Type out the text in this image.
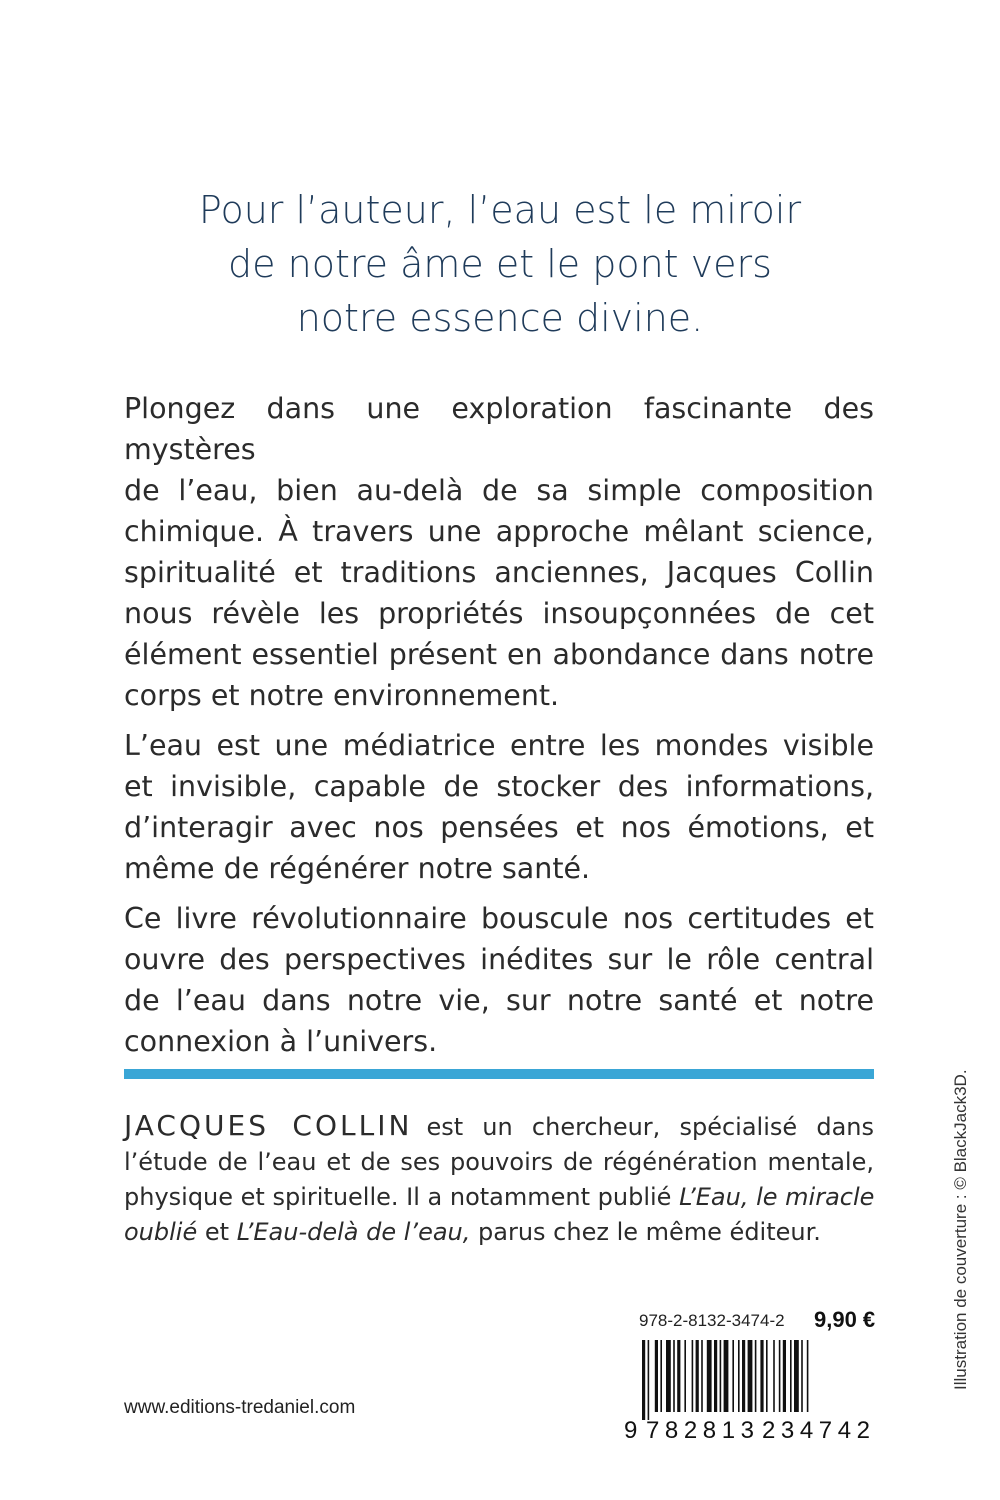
Pour l’auteur, l’eau est le miroir
de notre âme et le pont vers
notre essence divine.

Plongez dans une exploration fascinante des mystères
de l’eau, bien au-delà de sa simple composition
chimique. À travers une approche mêlant science,
spiritualité et traditions anciennes, Jacques Collin
nous révèle les propriétés insoupçonnées de cet
élément essentiel présent en abondance dans notre
corps et notre environnement.

L’eau est une médiatrice entre les mondes visible
et invisible, capable de stocker des informations,
d’interagir avec nos pensées et nos émotions, et
même de régénérer notre santé.

Ce livre révolutionnaire bouscule nos certitudes et
ouvre des perspectives inédites sur le rôle central
de l’eau dans notre vie, sur notre santé et notre
connexion à l’univers.

JACQUES COLLIN est un chercheur, spécialisé dans
l’étude de l’eau et de ses pouvoirs de régénération mentale,
physique et spirituelle. Il a notamment publié L’Eau, le miracle
oublié et L’Eau-delà de l’eau, parus chez le même éditeur.
978-2-8132-3474-2 9,90 €
9 782813 234742
www.editions-tredaniel.com
Illustration de couverture : © BlackJack3D.
